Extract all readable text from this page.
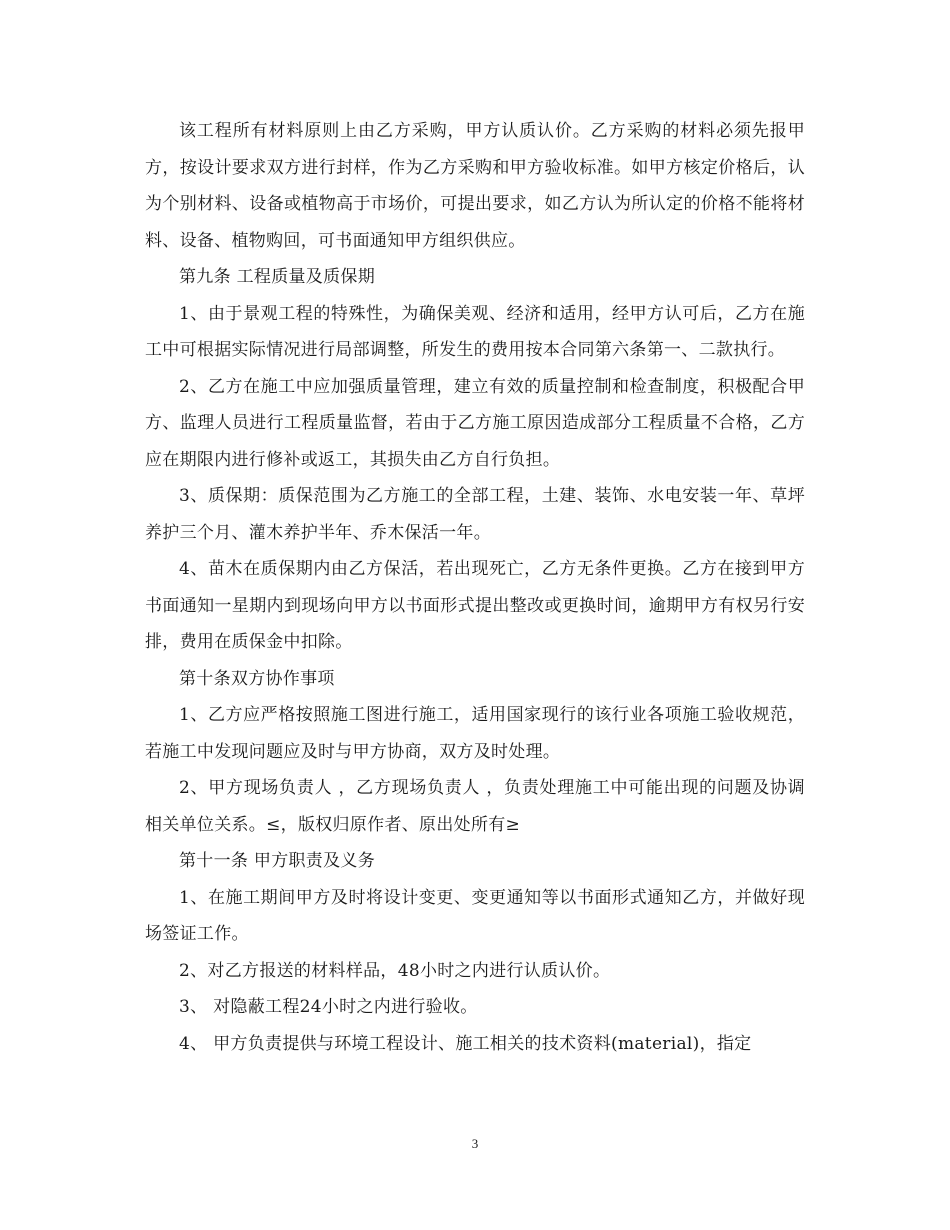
该工程所有材料原则上由乙方采购，甲方认质认价。乙方采购的材料必须先报甲方，按设计要求双方进行封样，作为乙方采购和甲方验收标准。如甲方核定价格后，认为个别材料、设备或植物高于市场价，可提出要求，如乙方认为所认定的价格不能将材料、设备、植物购回，可书面通知甲方组织供应。

第九条 工程质量及质保期

1、由于景观工程的特殊性，为确保美观、经济和适用，经甲方认可后，乙方在施工中可根据实际情况进行局部调整，所发生的费用按本合同第六条第一、二款执行。

2、乙方在施工中应加强质量管理，建立有效的质量控制和检查制度，积极配合甲方、监理人员进行工程质量监督，若由于乙方施工原因造成部分工程质量不合格，乙方应在期限内进行修补或返工，其损失由乙方自行负担。

3、质保期：质保范围为乙方施工的全部工程，土建、装饰、水电安装一年、草坪养护三个月、灌木养护半年、乔木保活一年。

4、苗木在质保期内由乙方保活，若出现死亡，乙方无条件更换。乙方在接到甲方书面通知一星期内到现场向甲方以书面形式提出整改或更换时间，逾期甲方有权另行安排，费用在质保金中扣除。

第十条双方协作事项

1、乙方应严格按照施工图进行施工，适用国家现行的该行业各项施工验收规范，若施工中发现问题应及时与甲方协商，双方及时处理。

2、甲方现场负责人 ，乙方现场负责人 ，负责处理施工中可能出现的问题及协调相关单位关系。≤，版权归原作者、原出处所有≥

第十一条 甲方职责及义务

1、在施工期间甲方及时将设计变更、变更通知等以书面形式通知乙方，并做好现场签证工作。

2、对乙方报送的材料样品，48小时之内进行认质认价。

3、 对隐蔽工程24小时之内进行验收。

4、 甲方负责提供与环境工程设计、施工相关的技术资料(material)，指定

3
